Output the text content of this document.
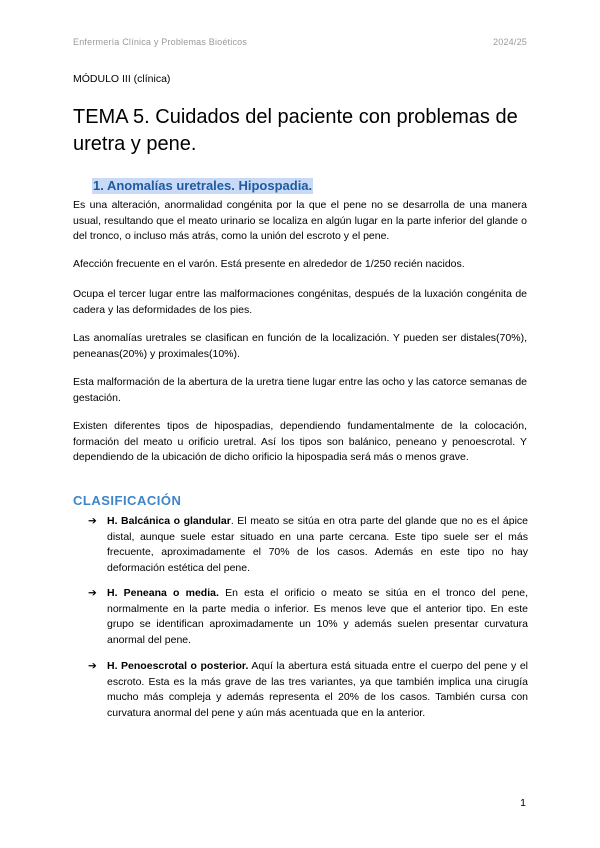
Enfermería Clínica y Problemas Bioéticos	2024/25
MÓDULO III (clínica)
TEMA 5. Cuidados del paciente con problemas de uretra y pene.
1. Anomalías uretrales. Hipospadia.
Es una alteración, anormalidad congénita por la que el pene no se desarrolla de una manera usual, resultando que el meato urinario se localiza en algún lugar en la parte inferior del glande o del tronco, o incluso más atrás, como la unión del escroto y el pene.
Afección frecuente en el varón. Está presente en alrededor de 1/250 recién nacidos.
Ocupa el tercer lugar entre las malformaciones congénitas, después de la luxación congénita de cadera y las deformidades de los pies.
Las anomalías uretrales se clasifican en función de la localización. Y pueden ser distales(70%), peneanas(20%) y proximales(10%).
Esta malformación de la abertura de la uretra tiene lugar entre las ocho y las catorce semanas de gestación.
Existen diferentes tipos de hipospadias, dependiendo fundamentalmente de la colocación, formación del meato u orificio uretral. Así los tipos son balánico, peneano y penoescrotal. Y dependiendo de la ubicación de dicho orificio la hipospadia será más o menos grave.
CLASIFICACIÓN
➔ H. Balcánica o glandular. El meato se sitúa en otra parte del glande que no es el ápice distal, aunque suele estar situado en una parte cercana. Este tipo suele ser el más frecuente, aproximadamente el 70% de los casos. Además en este tipo no hay deformación estética del pene.
➔ H. Peneana o media. En esta el orificio o meato se sitúa en el tronco del pene, normalmente en la parte media o inferior. Es menos leve que el anterior tipo. En este grupo se identifican aproximadamente un 10% y además suelen presentar curvatura anormal del pene.
➔ H. Penoescrotal o posterior. Aquí la abertura está situada entre el cuerpo del pene y el escroto. Esta es la más grave de las tres variantes, ya que también implica una cirugía mucho más compleja y además representa el 20% de los casos. También cursa con curvatura anormal del pene y aún más acentuada que en la anterior.
1
